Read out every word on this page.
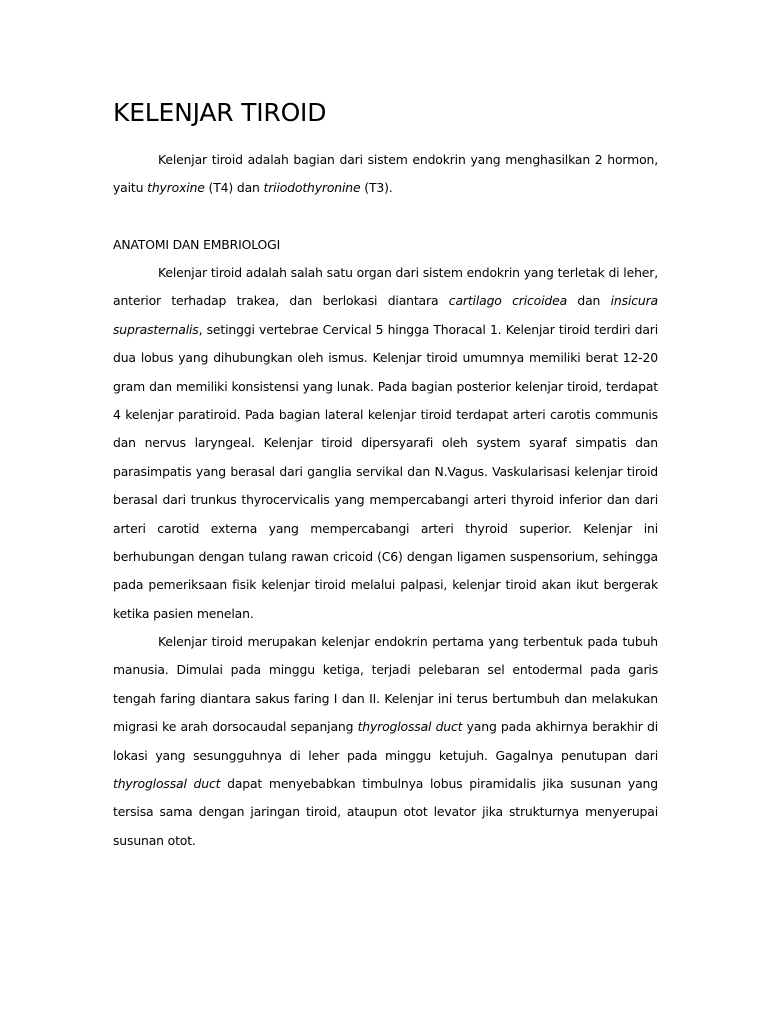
KELENJAR TIROID

Kelenjar tiroid adalah bagian dari sistem endokrin yang menghasilkan 2 hormon, yaitu thyroxine (T4) dan triiodothyronine (T3).

ANATOMI DAN EMBRIOLOGI

Kelenjar tiroid adalah salah satu organ dari sistem endokrin yang terletak di leher, anterior terhadap trakea, dan berlokasi diantara cartilago cricoidea dan insicura suprasternalis, setinggi vertebrae Cervical 5 hingga Thoracal 1. Kelenjar tiroid terdiri dari dua lobus yang dihubungkan oleh ismus. Kelenjar tiroid umumnya memiliki berat 12-20 gram dan memiliki konsistensi yang lunak. Pada bagian posterior kelenjar tiroid, terdapat 4 kelenjar paratiroid. Pada bagian lateral kelenjar tiroid terdapat arteri carotis communis dan nervus laryngeal. Kelenjar tiroid dipersyarafi oleh system syaraf simpatis dan parasimpatis yang berasal dari ganglia servikal dan N.Vagus. Vaskularisasi kelenjar tiroid berasal dari trunkus thyrocervicalis yang mempercabangi arteri thyroid inferior dan dari arteri carotid externa yang mempercabangi arteri thyroid superior. Kelenjar ini berhubungan dengan tulang rawan cricoid (C6) dengan ligamen suspensorium, sehingga pada pemeriksaan fisik kelenjar tiroid melalui palpasi, kelenjar tiroid akan ikut bergerak ketika pasien menelan.

Kelenjar tiroid merupakan kelenjar endokrin pertama yang terbentuk pada tubuh manusia. Dimulai pada minggu ketiga, terjadi pelebaran sel entodermal pada garis tengah faring diantara sakus faring I dan II. Kelenjar ini terus bertumbuh dan melakukan migrasi ke arah dorsocaudal sepanjang thyroglossal duct yang pada akhirnya berakhir di lokasi yang sesungguhnya di leher pada minggu ketujuh. Gagalnya penutupan dari thyroglossal duct dapat menyebabkan timbulnya lobus piramidalis jika susunan yang tersisa sama dengan jaringan tiroid, ataupun otot levator jika strukturnya menyerupai susunan otot.
